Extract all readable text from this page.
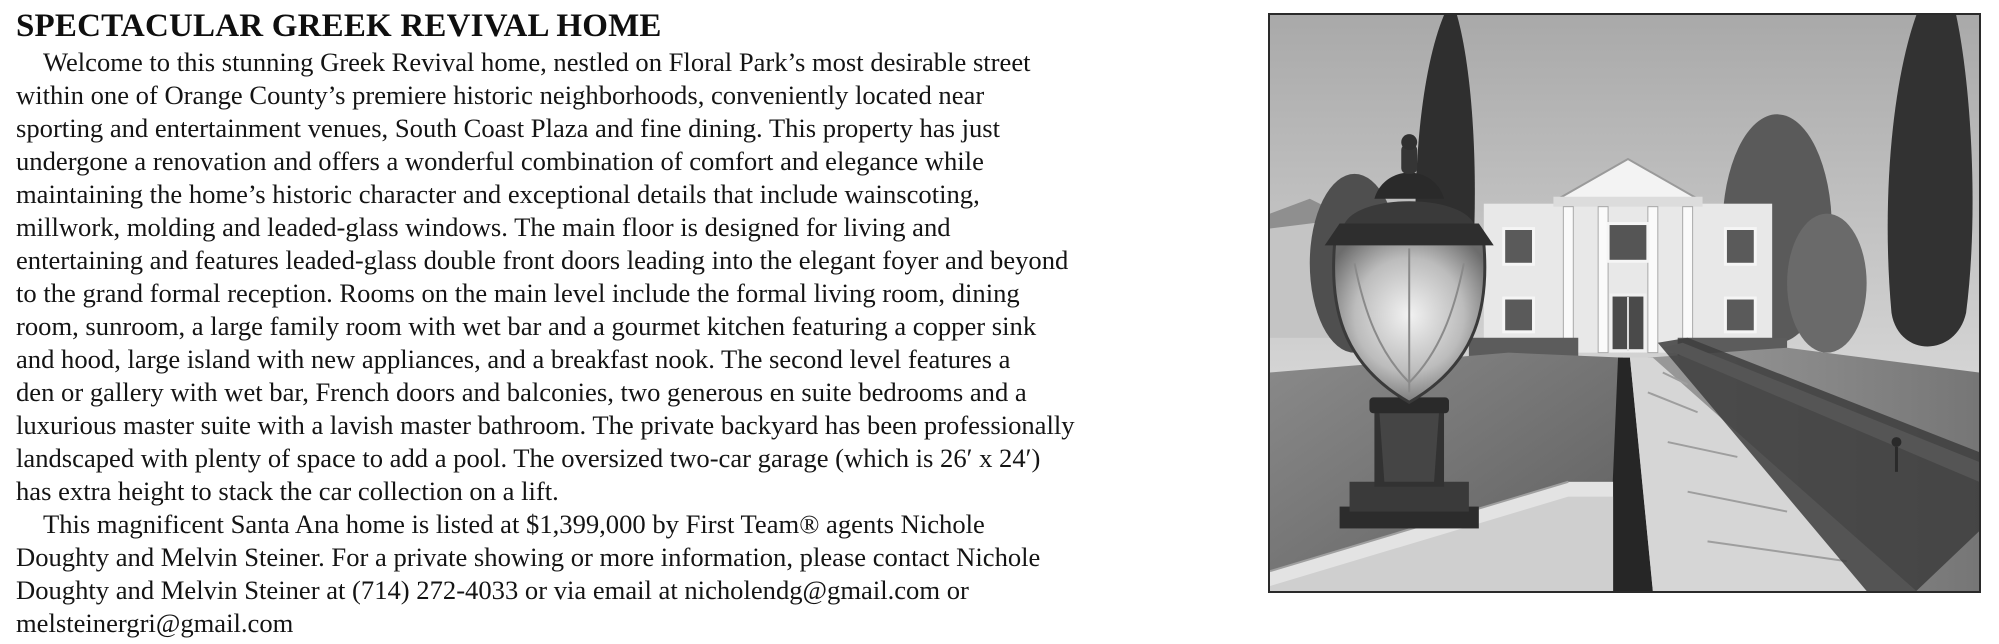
SPECTACULAR GREEK REVIVAL HOME

Welcome to this stunning Greek Revival home, nestled on Floral Park’s most desirable street
within one of Orange County’s premiere historic neighborhoods, conveniently located near
sporting and entertainment venues, South Coast Plaza and fine dining. This property has just
undergone a renovation and offers a wonderful combination of comfort and elegance while
maintaining the home’s historic character and exceptional details that include wainscoting,
millwork, molding and leaded-glass windows. The main floor is designed for living and
entertaining and features leaded-glass double front doors leading into the elegant foyer and beyond
to the grand formal reception. Rooms on the main level include the formal living room, dining
room, sunroom, a large family room with wet bar and a gourmet kitchen featuring a copper sink
and hood, large island with new appliances, and a breakfast nook. The second level features a
den or gallery with wet bar, French doors and balconies, two generous en suite bedrooms and a
luxurious master suite with a lavish master bathroom. The private backyard has been professionally
landscaped with plenty of space to add a pool. The oversized two-car garage (which is 26′ x 24′)
has extra height to stack the car collection on a lift.

This magnificent Santa Ana home is listed at $1,399,000 by First Team® agents Nichole
Doughty and Melvin Steiner. For a private showing or more information, please contact Nichole
Doughty and Melvin Steiner at (714) 272-4033 or via email at nicholendg@gmail.com or
melsteinergri@gmail.com
